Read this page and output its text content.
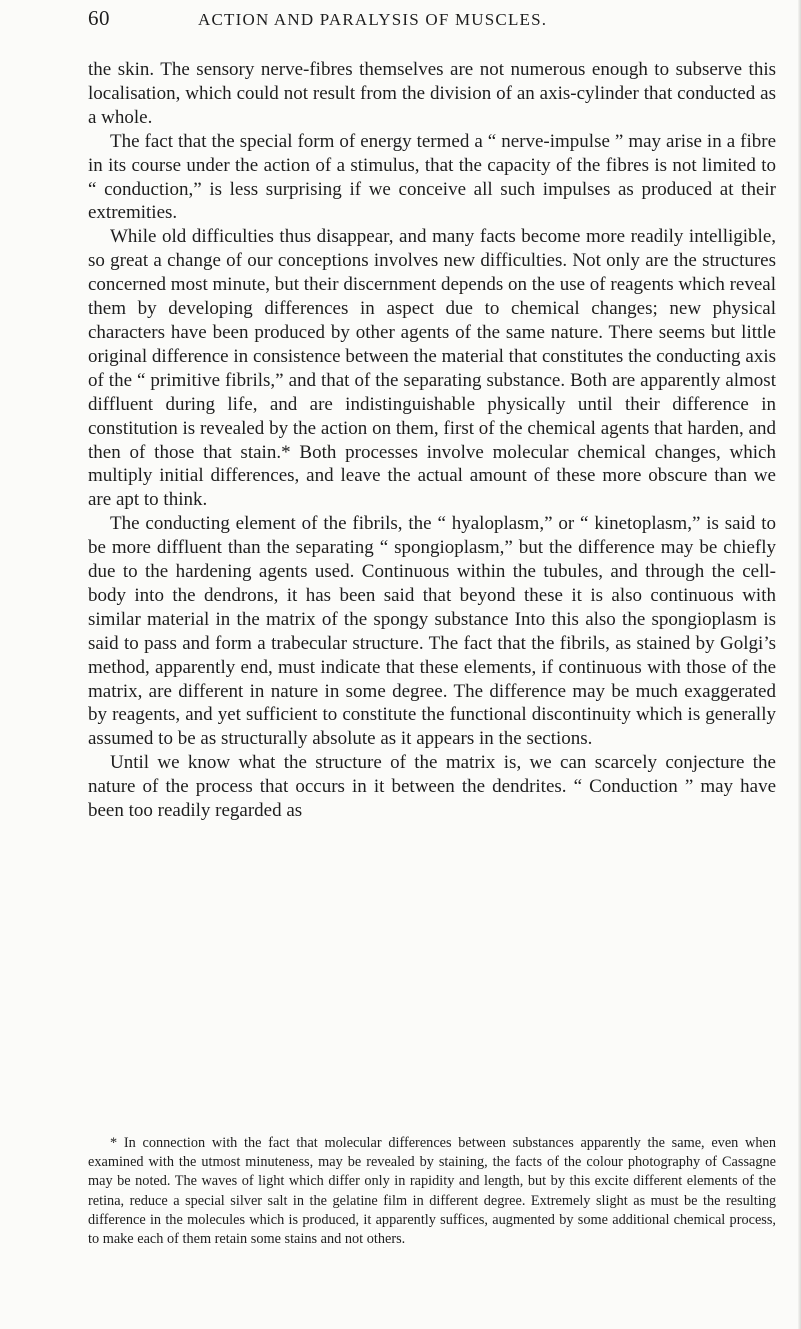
60	ACTION AND PARALYSIS OF MUSCLES.

the skin. The sensory nerve-fibres themselves are not numerous enough to subserve this localisation, which could not result from the division of an axis-cylinder that conducted as a whole.

The fact that the special form of energy termed a “ nerve-impulse ” may arise in a fibre in its course under the action of a stimulus, that the capacity of the fibres is not limited to “ conduction,” is less surprising if we conceive all such impulses as produced at their extremities.

While old difficulties thus disappear, and many facts become more readily intelligible, so great a change of our conceptions involves new difficulties. Not only are the structures concerned most minute, but their discernment depends on the use of reagents which reveal them by developing differences in aspect due to chemical changes; new physical characters have been produced by other agents of the same nature. There seems but little original difference in consistence between the material that constitutes the conducting axis of the “ primitive fibrils,” and that of the separating substance. Both are apparently almost diffluent during life, and are indistinguishable physically until their difference in constitution is revealed by the action on them, first of the chemical agents that harden, and then of those that stain.* Both processes involve molecular chemical changes, which multiply initial differences, and leave the actual amount of these more obscure than we are apt to think.

The conducting element of the fibrils, the “ hyaloplasm,” or “ kinetoplasm,” is said to be more diffluent than the separating “ spongioplasm,” but the difference may be chiefly due to the hardening agents used. Continuous within the tubules, and through the cell-body into the dendrons, it has been said that beyond these it is also continuous with similar material in the matrix of the spongy substance Into this also the spongioplasm is said to pass and form a trabecular structure. The fact that the fibrils, as stained by Golgi’s method, apparently end, must indicate that these elements, if continuous with those of the matrix, are different in nature in some degree. The difference may be much exaggerated by reagents, and yet sufficient to constitute the functional discontinuity which is generally assumed to be as structurally absolute as it appears in the sections.

Until we know what the structure of the matrix is, we can scarcely conjecture the nature of the process that occurs in it between the dendrites. “ Conduction ” may have been too readily regarded as

* In connection with the fact that molecular differences between substances apparently the same, even when examined with the utmost minuteness, may be revealed by staining, the facts of the colour photography of Cassagne may be noted. The waves of light which differ only in rapidity and length, but by this excite different elements of the retina, reduce a special silver salt in the gelatine film in different degree. Extremely slight as must be the resulting difference in the molecules which is produced, it apparently suffices, augmented by some additional chemical process, to make each of them retain some stains and not others.
